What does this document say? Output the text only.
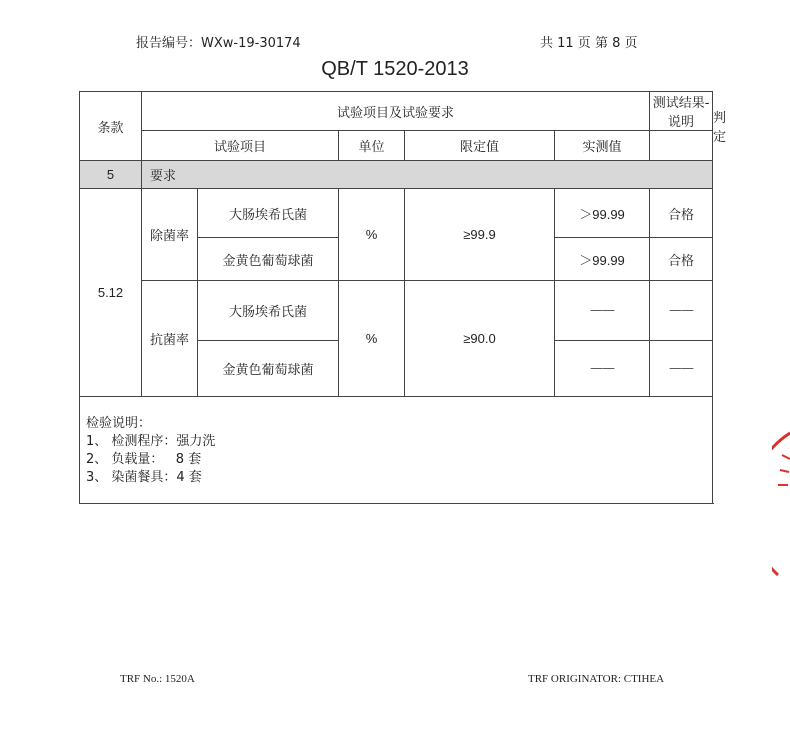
报告编号：WXw-19-30174	共 11 页 第 8 页
QB/T 1520-2013
条款	试验项目及试验要求					测试结果-说明	判定
	试验项目		单位	限定值	实测值		
5	要求						
5.12	除菌率	大肠埃希氏菌	%	≥99.9	＞99.99	合格	
		金黄色葡萄球菌			＞99.99	合格	
	抗菌率	大肠埃希氏菌	%	≥90.0	——	——	
		金黄色葡萄球菌			——	——	

检验说明：
1、 检测程序：强力洗
2、 负载量：   8 套
3、 染菌餐具：4 套							
TRF No.: 1520A	TRF ORIGINATOR: CTIHEA
